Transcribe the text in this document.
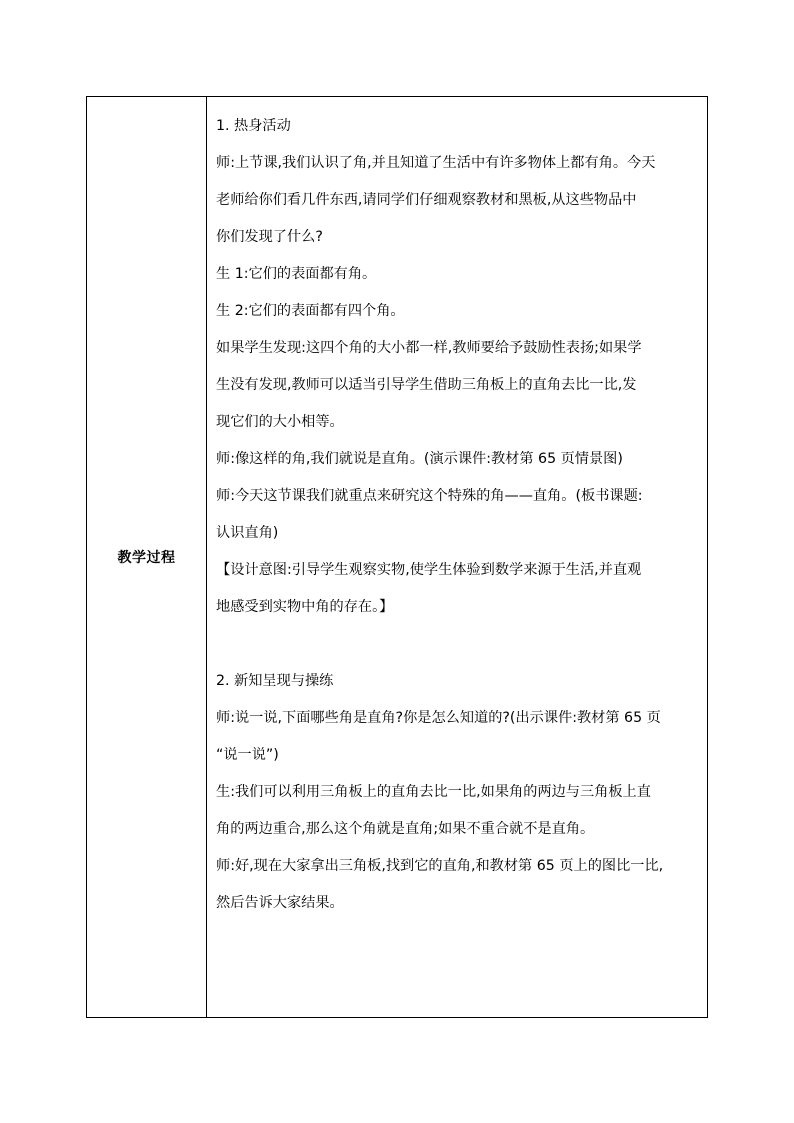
教学过程

1. 热身活动

师:上节课,我们认识了角,并且知道了生活中有许多物体上都有角。今天

老师给你们看几件东西,请同学们仔细观察教材和黑板,从这些物品中

你们发现了什么?

生 1:它们的表面都有角。

生 2:它们的表面都有四个角。

如果学生发现:这四个角的大小都一样,教师要给予鼓励性表扬;如果学

生没有发现,教师可以适当引导学生借助三角板上的直角去比一比,发

现它们的大小相等。

师:像这样的角,我们就说是直角。(演示课件:教材第 65 页情景图)

师:今天这节课我们就重点来研究这个特殊的角——直角。(板书课题:

认识直角)

【设计意图:引导学生观察实物,使学生体验到数学来源于生活,并直观

地感受到实物中角的存在。】

2. 新知呈现与操练

师:说一说,下面哪些角是直角?你是怎么知道的?(出示课件:教材第 65 页

“说一说”)

生:我们可以利用三角板上的直角去比一比,如果角的两边与三角板上直

角的两边重合,那么这个角就是直角;如果不重合就不是直角。

师:好,现在大家拿出三角板,找到它的直角,和教材第 65 页上的图比一比,

然后告诉大家结果。
